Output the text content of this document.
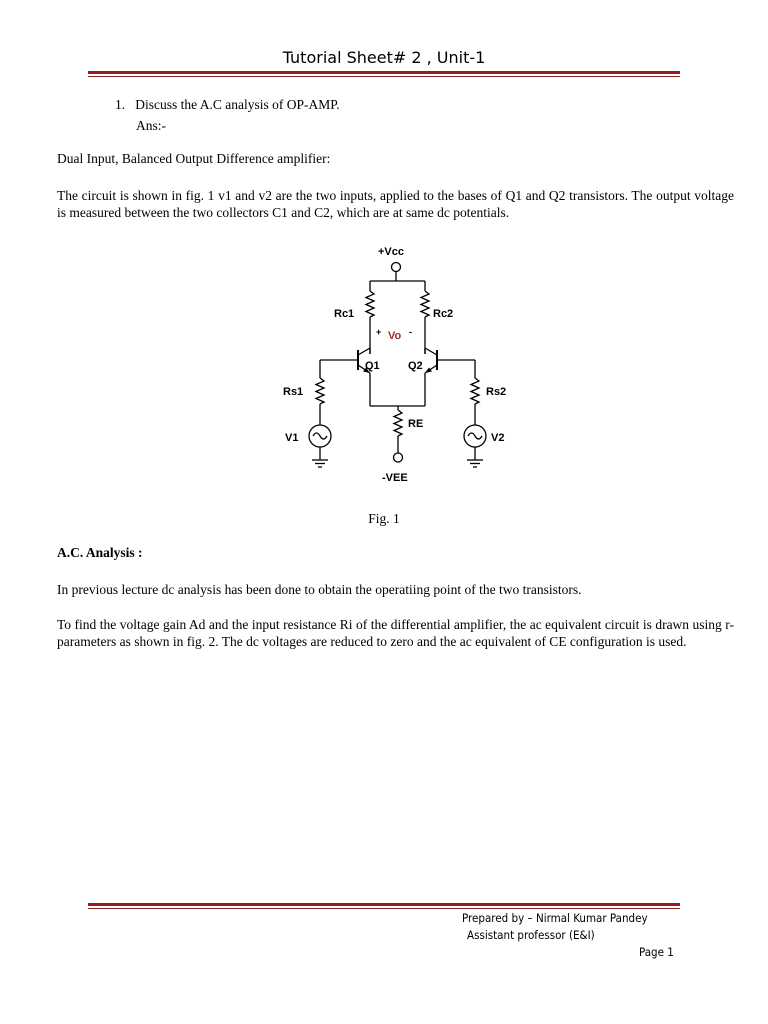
Tutorial Sheet# 2 , Unit-1
1. Discuss the A.C analysis of OP-AMP.
Ans:-
Dual Input, Balanced Output Difference amplifier:
The circuit is shown in fig. 1 v1 and v2 are the two inputs, applied to the bases of Q1 and Q2 transistors. The output voltage is measured between the two collectors C1 and C2, which are at same dc potentials.
+Vcc
Rc1	Rc2
+ Vo -
Q1	Q2
Rs1	Rs2
RE
V1	V2
-VEE
Fig. 1
A.C. Analysis :
In previous lecture dc analysis has been done to obtain the operatiing point of the two transistors.
To find the voltage gain Ad and the input resistance Ri of the differential amplifier, the ac equivalent circuit is drawn using r-parameters as shown in fig. 2. The dc voltages are reduced to zero and the ac equivalent of CE configuration is used.
Prepared by – Nirmal Kumar Pandey
Assistant professor (E&I)
Page 1
